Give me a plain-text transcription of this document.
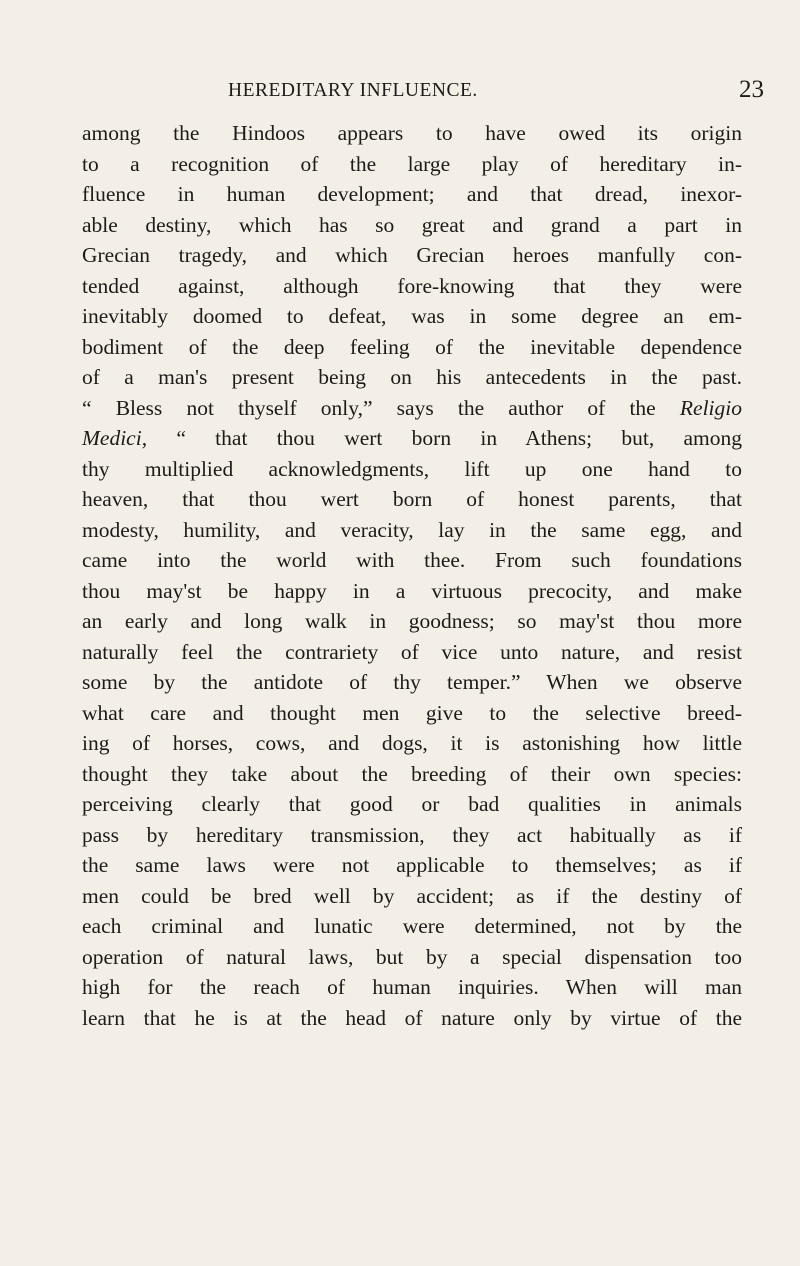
HEREDITARY INFLUENCE.	23
among the Hindoos appears to have owed its origin
to a recognition of the large play of hereditary in-
fluence in human development; and that dread, inexor-
able destiny, which has so great and grand a part in
Grecian tragedy, and which Grecian heroes manfully con-
tended against, although fore-knowing that they were
inevitably doomed to defeat, was in some degree an em-
bodiment of the deep feeling of the inevitable dependence
of a man's present being on his antecedents in the past.
“ Bless not thyself only,” says the author of the Religio
Medici, “ that thou wert born in Athens; but, among
thy multiplied acknowledgments, lift up one hand to
heaven, that thou wert born of honest parents, that
modesty, humility, and veracity, lay in the same egg, and
came into the world with thee. From such foundations
thou may'st be happy in a virtuous precocity, and make
an early and long walk in goodness; so may'st thou more
naturally feel the contrariety of vice unto nature, and resist
some by the antidote of thy temper.” When we observe
what care and thought men give to the selective breed-
ing of horses, cows, and dogs, it is astonishing how little
thought they take about the breeding of their own species:
perceiving clearly that good or bad qualities in animals
pass by hereditary transmission, they act habitually as if
the same laws were not applicable to themselves; as if
men could be bred well by accident; as if the destiny of
each criminal and lunatic were determined, not by the
operation of natural laws, but by a special dispensation too
high for the reach of human inquiries. When will man
learn that he is at the head of nature only by virtue of the
